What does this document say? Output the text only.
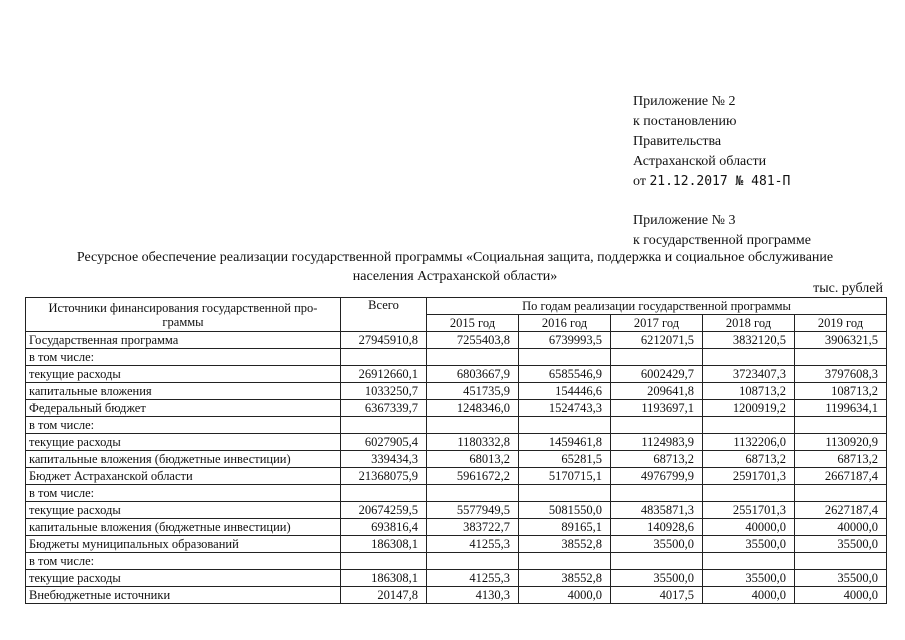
Приложение № 2
к постановлению
Правительства
Астраханской области
от 21.12.2017 № 481-П
Приложение № 3
к государственной программе
Ресурсное обеспечение реализации государственной программы «Социальная защита, поддержка и социальное обслуживание населения Астраханской области»
тыс. рублей
Источники финансирования государственной про-граммы	Всего	По годам реализации государственной программы				
		2015 год	2016 год	2017 год	2018 год	2019 год
Государственная программа	27945910,8	7255403,8	6739993,5	6212071,5	3832120,5	3906321,5
в том числе:						
текущие расходы	26912660,1	6803667,9	6585546,9	6002429,7	3723407,3	3797608,3
капитальные вложения	1033250,7	451735,9	154446,6	209641,8	108713,2	108713,2
Федеральный бюджет	6367339,7	1248346,0	1524743,3	1193697,1	1200919,2	1199634,1
в том числе:						
текущие расходы	6027905,4	1180332,8	1459461,8	1124983,9	1132206,0	1130920,9
капитальные вложения (бюджетные инвестиции)	339434,3	68013,2	65281,5	68713,2	68713,2	68713,2
Бюджет Астраханской области	21368075,9	5961672,2	5170715,1	4976799,9	2591701,3	2667187,4
в том числе:						
текущие расходы	20674259,5	5577949,5	5081550,0	4835871,3	2551701,3	2627187,4
капитальные вложения (бюджетные инвестиции)	693816,4	383722,7	89165,1	140928,6	40000,0	40000,0
Бюджеты муниципальных образований	186308,1	41255,3	38552,8	35500,0	35500,0	35500,0
в том числе:						
текущие расходы	186308,1	41255,3	38552,8	35500,0	35500,0	35500,0
Внебюджетные источники	20147,8	4130,3	4000,0	4017,5	4000,0	4000,0
